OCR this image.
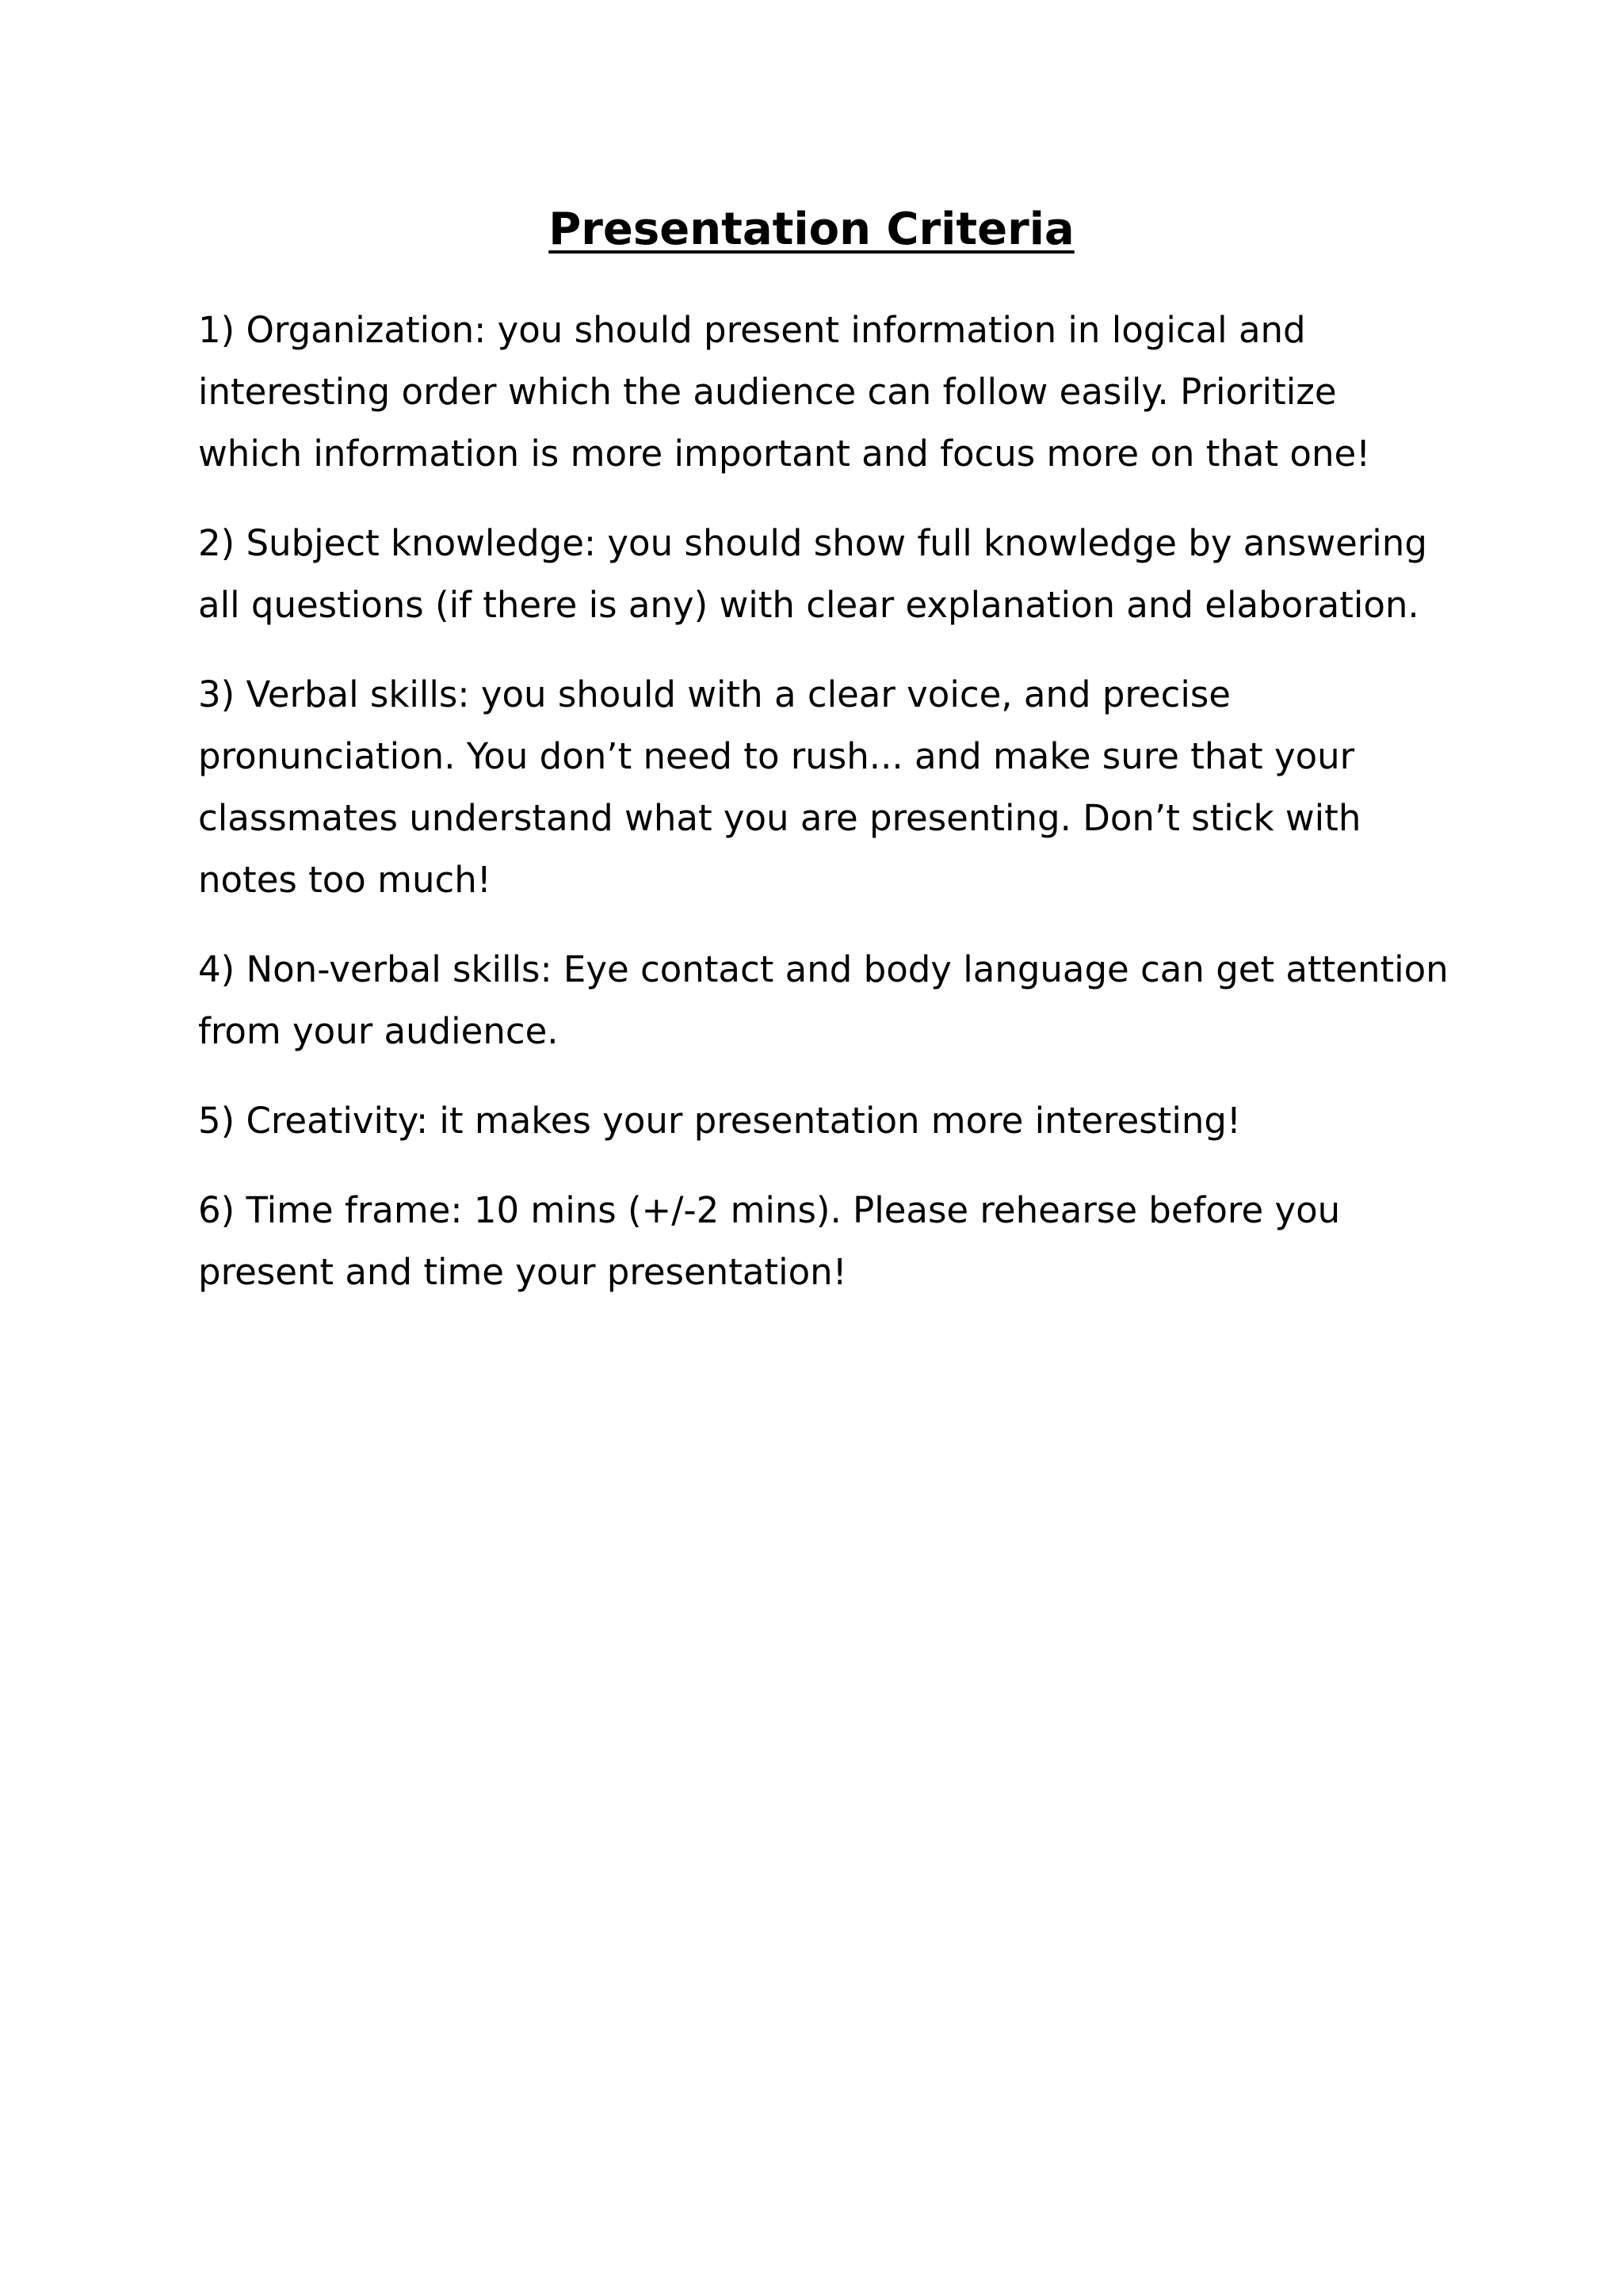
Presentation Criteria

1) Organization: you should present information in logical and
interesting order which the audience can follow easily. Prioritize
which information is more important and focus more on that one!

2) Subject knowledge: you should show full knowledge by answering
all questions (if there is any) with clear explanation and elaboration.

3) Verbal skills: you should with a clear voice, and precise
pronunciation. You don’t need to rush... and make sure that your
classmates understand what you are presenting. Don’t stick with
notes too much!

4) Non-verbal skills: Eye contact and body language can get attention
from your audience.

5) Creativity: it makes your presentation more interesting!

6) Time frame: 10 mins (+/-2 mins). Please rehearse before you
present and time your presentation!
